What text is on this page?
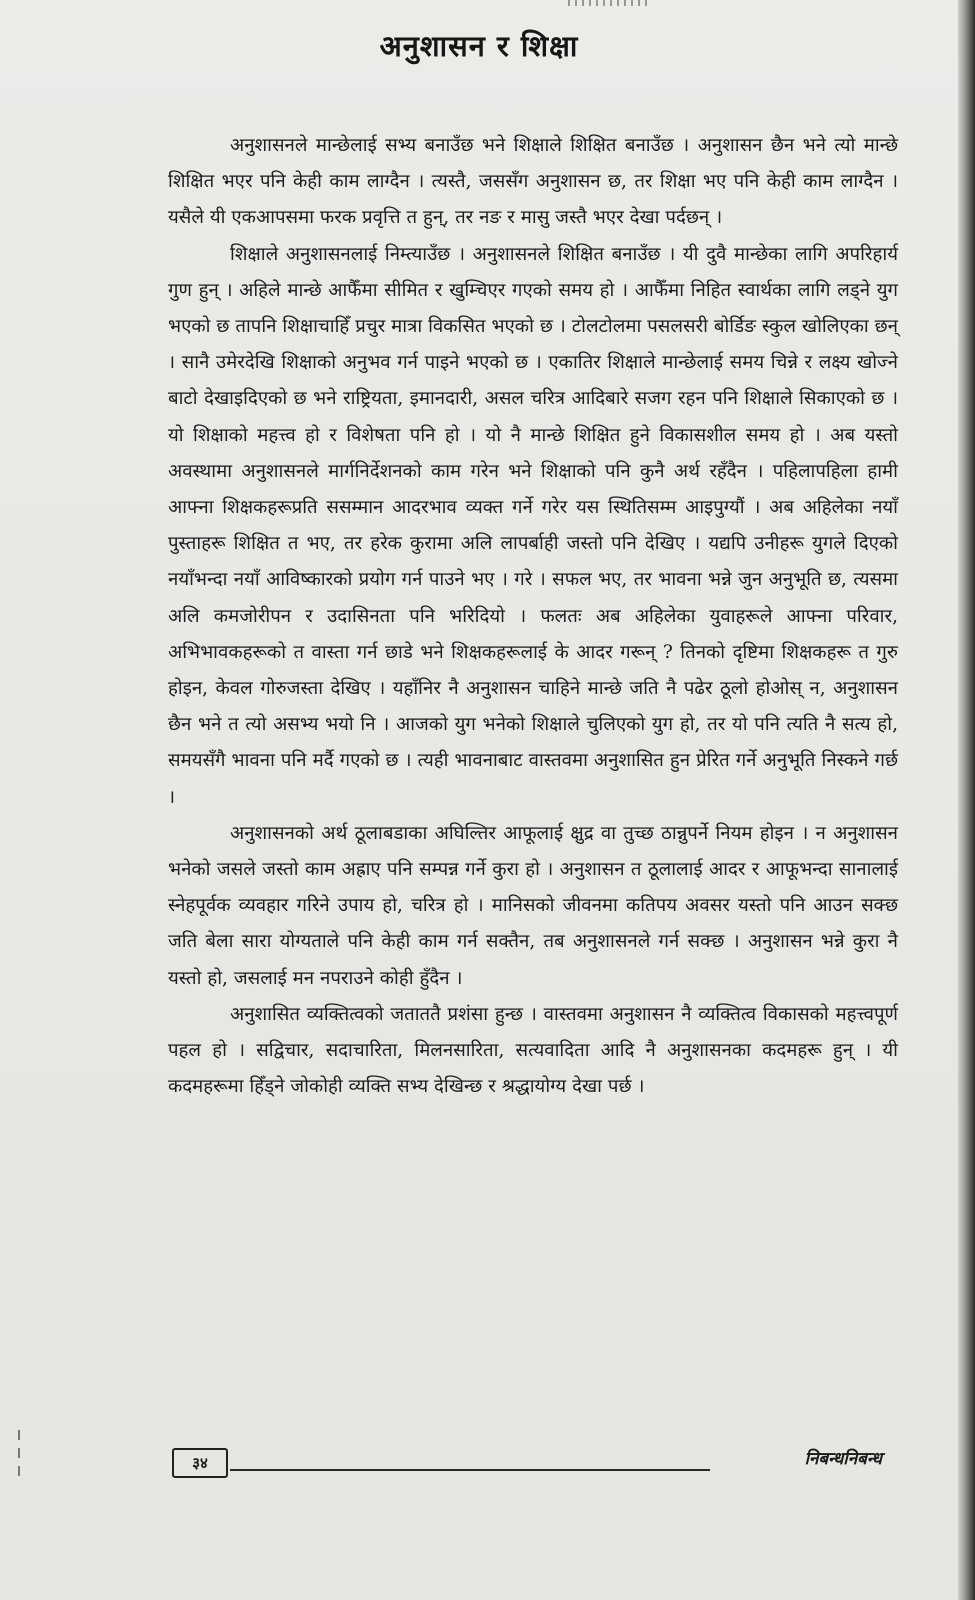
अनुशासन र शिक्षा

अनुशासनले मान्छेलाई सभ्य बनाउँछ भने शिक्षाले शिक्षित बनाउँछ । अनुशासन छैन भने त्यो मान्छे शिक्षित भएर पनि केही काम लाग्दैन । त्यस्तै, जससँग अनुशासन छ, तर शिक्षा भए पनि केही काम लाग्दैन । यसैले यी एकआपसमा फरक प्रवृत्ति त हुन्, तर नङ र मासु जस्तै भएर देखा पर्दछन् ।

शिक्षाले अनुशासनलाई निम्त्याउँछ । अनुशासनले शिक्षित बनाउँछ । यी दुवै मान्छेका लागि अपरिहार्य गुण हुन् । अहिले मान्छे आफैँमा सीमित र खुम्चिएर गएको समय हो । आफैँमा निहित स्वार्थका लागि लड्ने युग भएको छ तापनि शिक्षाचाहिँ प्रचुर मात्रा विकसित भएको छ । टोलटोलमा पसलसरी बोर्डिङ स्कुल खोलिएका छन् । सानै उमेरदेखि शिक्षाको अनुभव गर्न पाइने भएको छ । एकातिर शिक्षाले मान्छेलाई समय चिन्ने र लक्ष्य खोज्ने बाटो देखाइदिएको छ भने राष्ट्रियता, इमानदारी, असल चरित्र आदिबारे सजग रहन पनि शिक्षाले सिकाएको छ । यो शिक्षाको महत्त्व हो र विशेषता पनि हो । यो नै मान्छे शिक्षित हुने विकासशील समय हो । अब यस्तो अवस्थामा अनुशासनले मार्गनिर्देशनको काम गरेन भने शिक्षाको पनि कुनै अर्थ रहँदैन । पहिलापहिला हामी आफ्ना शिक्षकहरूप्रति ससम्मान आदरभाव व्यक्त गर्ने गरेर यस स्थितिसम्म आइपुग्यौं । अब अहिलेका नयाँ पुस्ताहरू शिक्षित त भए, तर हरेक कुरामा अलि लापर्बाही जस्तो पनि देखिए । यद्यपि उनीहरू युगले दिएको नयाँभन्दा नयाँ आविष्कारको प्रयोग गर्न पाउने भए । गरे । सफल भए, तर भावना भन्ने जुन अनुभूति छ, त्यसमा अलि कमजोरीपन र उदासिनता पनि भरिदियो । फलतः अब अहिलेका युवाहरूले आफ्ना परिवार, अभिभावकहरूको त वास्ता गर्न छाडे भने शिक्षकहरूलाई के आदर गरून् ? तिनको दृष्टिमा शिक्षकहरू त गुरु होइन, केवल गोरुजस्ता देखिए । यहाँनिर नै अनुशासन चाहिने मान्छे जति नै पढेर ठूलो होओस् न, अनुशासन छैन भने त त्यो असभ्य भयो नि । आजको युग भनेको शिक्षाले चुलिएको युग हो, तर यो पनि त्यति नै सत्य हो, समयसँगै भावना पनि मर्दै गएको छ । त्यही भावनाबाट वास्तवमा अनुशासित हुन प्रेरित गर्ने अनुभूति निस्कने गर्छ ।

अनुशासनको अर्थ ठूलाबडाका अघिल्तिर आफूलाई क्षुद्र वा तुच्छ ठान्नुपर्ने नियम होइन । न अनुशासन भनेको जसले जस्तो काम अह्राए पनि सम्पन्न गर्ने कुरा हो । अनुशासन त ठूलालाई आदर र आफूभन्दा सानालाई स्नेहपूर्वक व्यवहार गरिने उपाय हो, चरित्र हो । मानिसको जीवनमा कतिपय अवसर यस्तो पनि आउन सक्छ जति बेला सारा योग्यताले पनि केही काम गर्न सक्तैन, तब अनुशासनले गर्न सक्छ । अनुशासन भन्ने कुरा नै यस्तो हो, जसलाई मन नपराउने कोही हुँदैन ।

अनुशासित व्यक्तित्वको जताततै प्रशंसा हुन्छ । वास्तवमा अनुशासन नै व्यक्तित्व विकासको महत्त्वपूर्ण पहल हो । सद्विचार, सदाचारिता, मिलनसारिता, सत्यवादिता आदि नै अनुशासनका कदमहरू हुन् । यी कदमहरूमा हिँड्ने जोकोही व्यक्ति सभ्य देखिन्छ र श्रद्धायोग्य देखा पर्छ ।

३४	निबन्धनिबन्ध
